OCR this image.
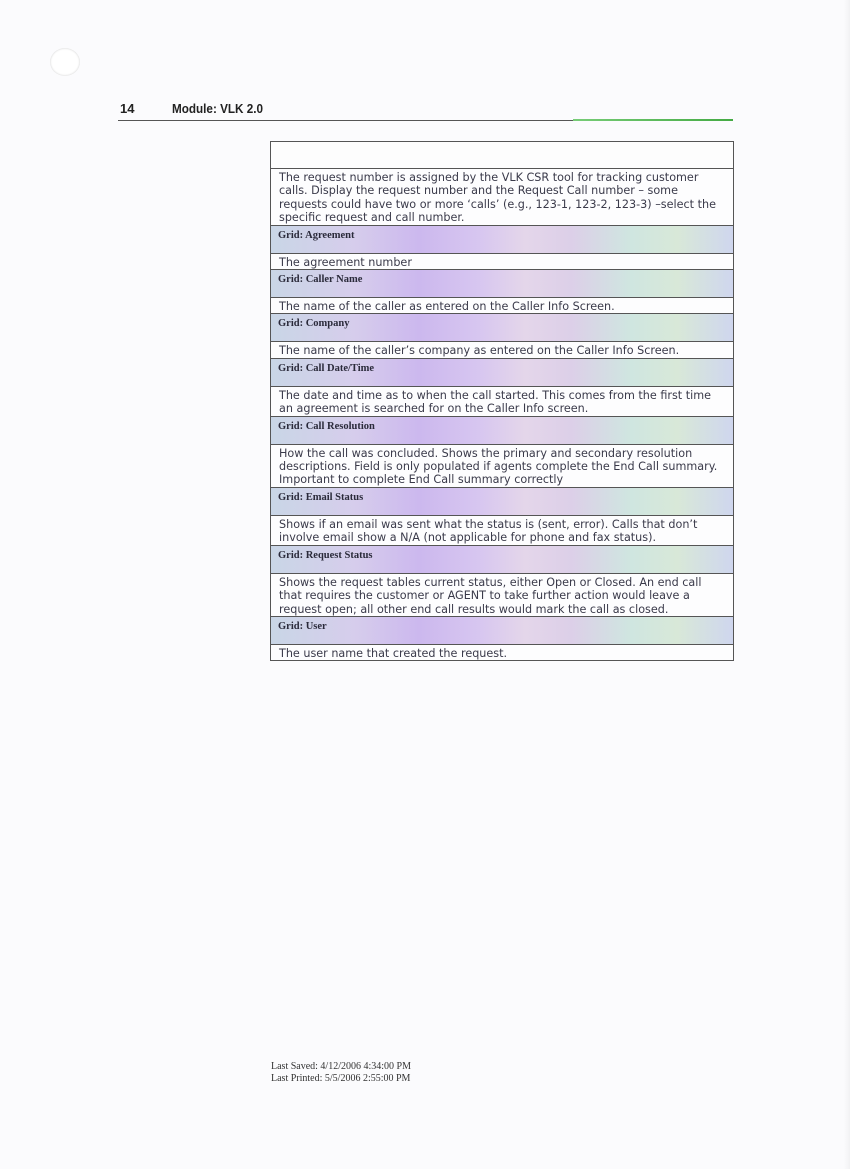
14	Module: VLK 2.0
The request number is assigned by the VLK CSR tool for tracking customer calls. Display the request number and the Request Call number – some requests could have two or more ‘calls’ (e.g., 123-1, 123-2, 123-3) –select the specific request and call number.
Grid: Agreement
The agreement number
Grid: Caller Name
The name of the caller as entered on the Caller Info Screen.
Grid: Company
The name of the caller’s company as entered on the Caller Info Screen.
Grid: Call Date/Time
The date and time as to when the call started. This comes from the first time an agreement is searched for on the Caller Info screen.
Grid: Call Resolution
How the call was concluded. Shows the primary and secondary resolution descriptions. Field is only populated if agents complete the End Call summary. Important to complete End Call summary correctly
Grid: Email Status
Shows if an email was sent what the status is (sent, error). Calls that don’t involve email show a N/A (not applicable for phone and fax status).
Grid: Request Status
Shows the request tables current status, either Open or Closed. An end call that requires the customer or AGENT to take further action would leave a request open; all other end call results would mark the call as closed.
Grid: User
The user name that created the request.
Last Saved: 4/12/2006 4:34:00 PM
Last Printed: 5/5/2006 2:55:00 PM
